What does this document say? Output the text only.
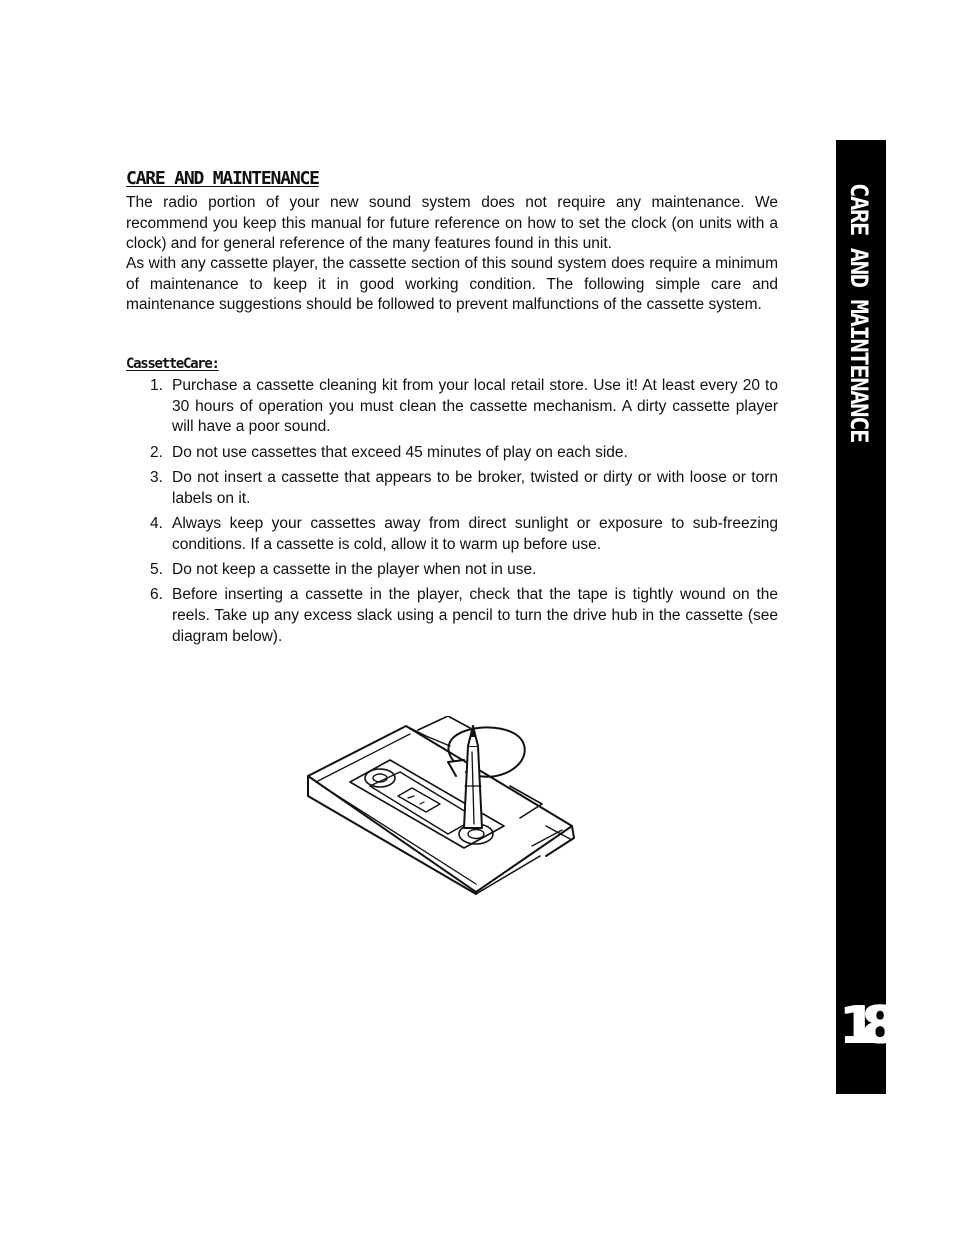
CARE AND MAINTENANCE

The radio portion of your new sound system does not require any maintenance. We recommend you keep this manual for future reference on how to set the clock (on units with a clock) and for general reference of the many features found in this unit.

As with any cassette player, the cassette section of this sound system does require a minimum of maintenance to keep it in good working condition. The following simple care and maintenance suggestions should be followed to prevent malfunctions of the cassette system.

CassetteCare:
1. Purchase a cassette cleaning kit from your local retail store. Use it! At least every 20 to 30 hours of operation you must clean the cassette mechanism. A dirty cassette player will have a poor sound.
2. Do not use cassettes that exceed 45 minutes of play on each side.
3. Do not insert a cassette that appears to be broker, twisted or dirty or with loose or torn labels on it.
4. Always keep your cassettes away from direct sunlight or exposure to sub-freezing conditions. If a cassette is cold, allow it to warm up before use.
5. Do not keep a cassette in the player when not in use.
6. Before inserting a cassette in the player, check that the tape is tightly wound on the reels. Take up any excess slack using a pencil to turn the drive hub in the cassette (see diagram below).
CARE AND MAINTENANCE
18
